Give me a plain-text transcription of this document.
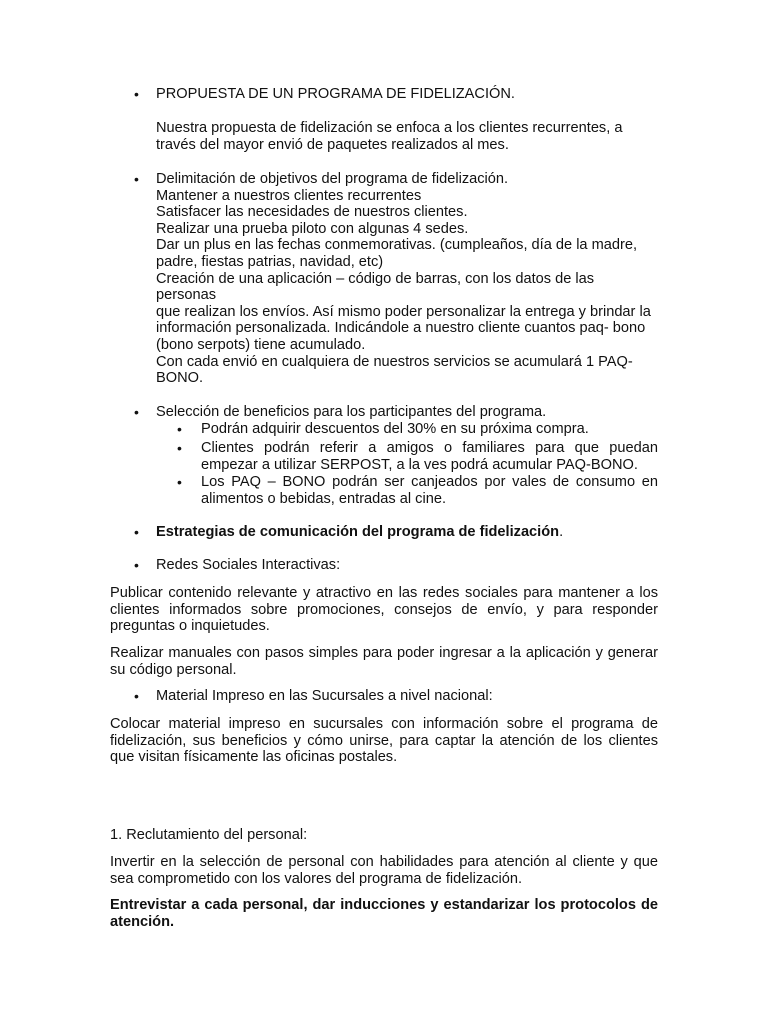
•	PROPUESTA DE UN PROGRAMA DE FIDELIZACIÓN.
Nuestra propuesta de fidelización se enfoca a los clientes recurrentes, a través del mayor envió de paquetes realizados al mes.
•	Delimitación de objetivos del programa de fidelización.
Mantener a nuestros clientes recurrentes
Satisfacer las necesidades de nuestros clientes.
Realizar una prueba piloto con algunas 4 sedes.
Dar un plus en las fechas conmemorativas. (cumpleaños, día de la madre,
padre, fiestas patrias, navidad, etc)
Creación de una aplicación – código de barras, con los datos de las personas
que realizan los envíos. Así mismo poder personalizar la entrega y brindar la
información personalizada. Indicándole a nuestro cliente cuantos paq- bono
(bono serpots) tiene acumulado.
Con cada envió en cualquiera de nuestros servicios se acumulará 1 PAQ-
BONO.
•	Selección de beneficios para los participantes del programa.
•	Podrán adquirir descuentos del 30% en su próxima compra.
•	Clientes podrán referir a amigos o familiares para que puedan empezar a utilizar SERPOST, a la ves podrá acumular PAQ-BONO.
•	Los PAQ – BONO podrán ser canjeados por vales de consumo en alimentos o bebidas, entradas al cine.
•	Estrategias de comunicación del programa de fidelización.
•	Redes Sociales Interactivas:
Publicar contenido relevante y atractivo en las redes sociales para mantener a los clientes informados sobre promociones, consejos de envío, y para responder preguntas o inquietudes.
Realizar manuales con pasos simples para poder ingresar a la aplicación y generar su código personal.
•	Material Impreso en las Sucursales a nivel nacional:
Colocar material impreso en sucursales con información sobre el programa de fidelización, sus beneficios y cómo unirse, para captar la atención de los clientes que visitan físicamente las oficinas postales.
1. Reclutamiento del personal:
Invertir en la selección de personal con habilidades para atención al cliente y que sea comprometido con los valores del programa de fidelización.
Entrevistar a cada personal, dar inducciones y estandarizar los protocolos de atención.
